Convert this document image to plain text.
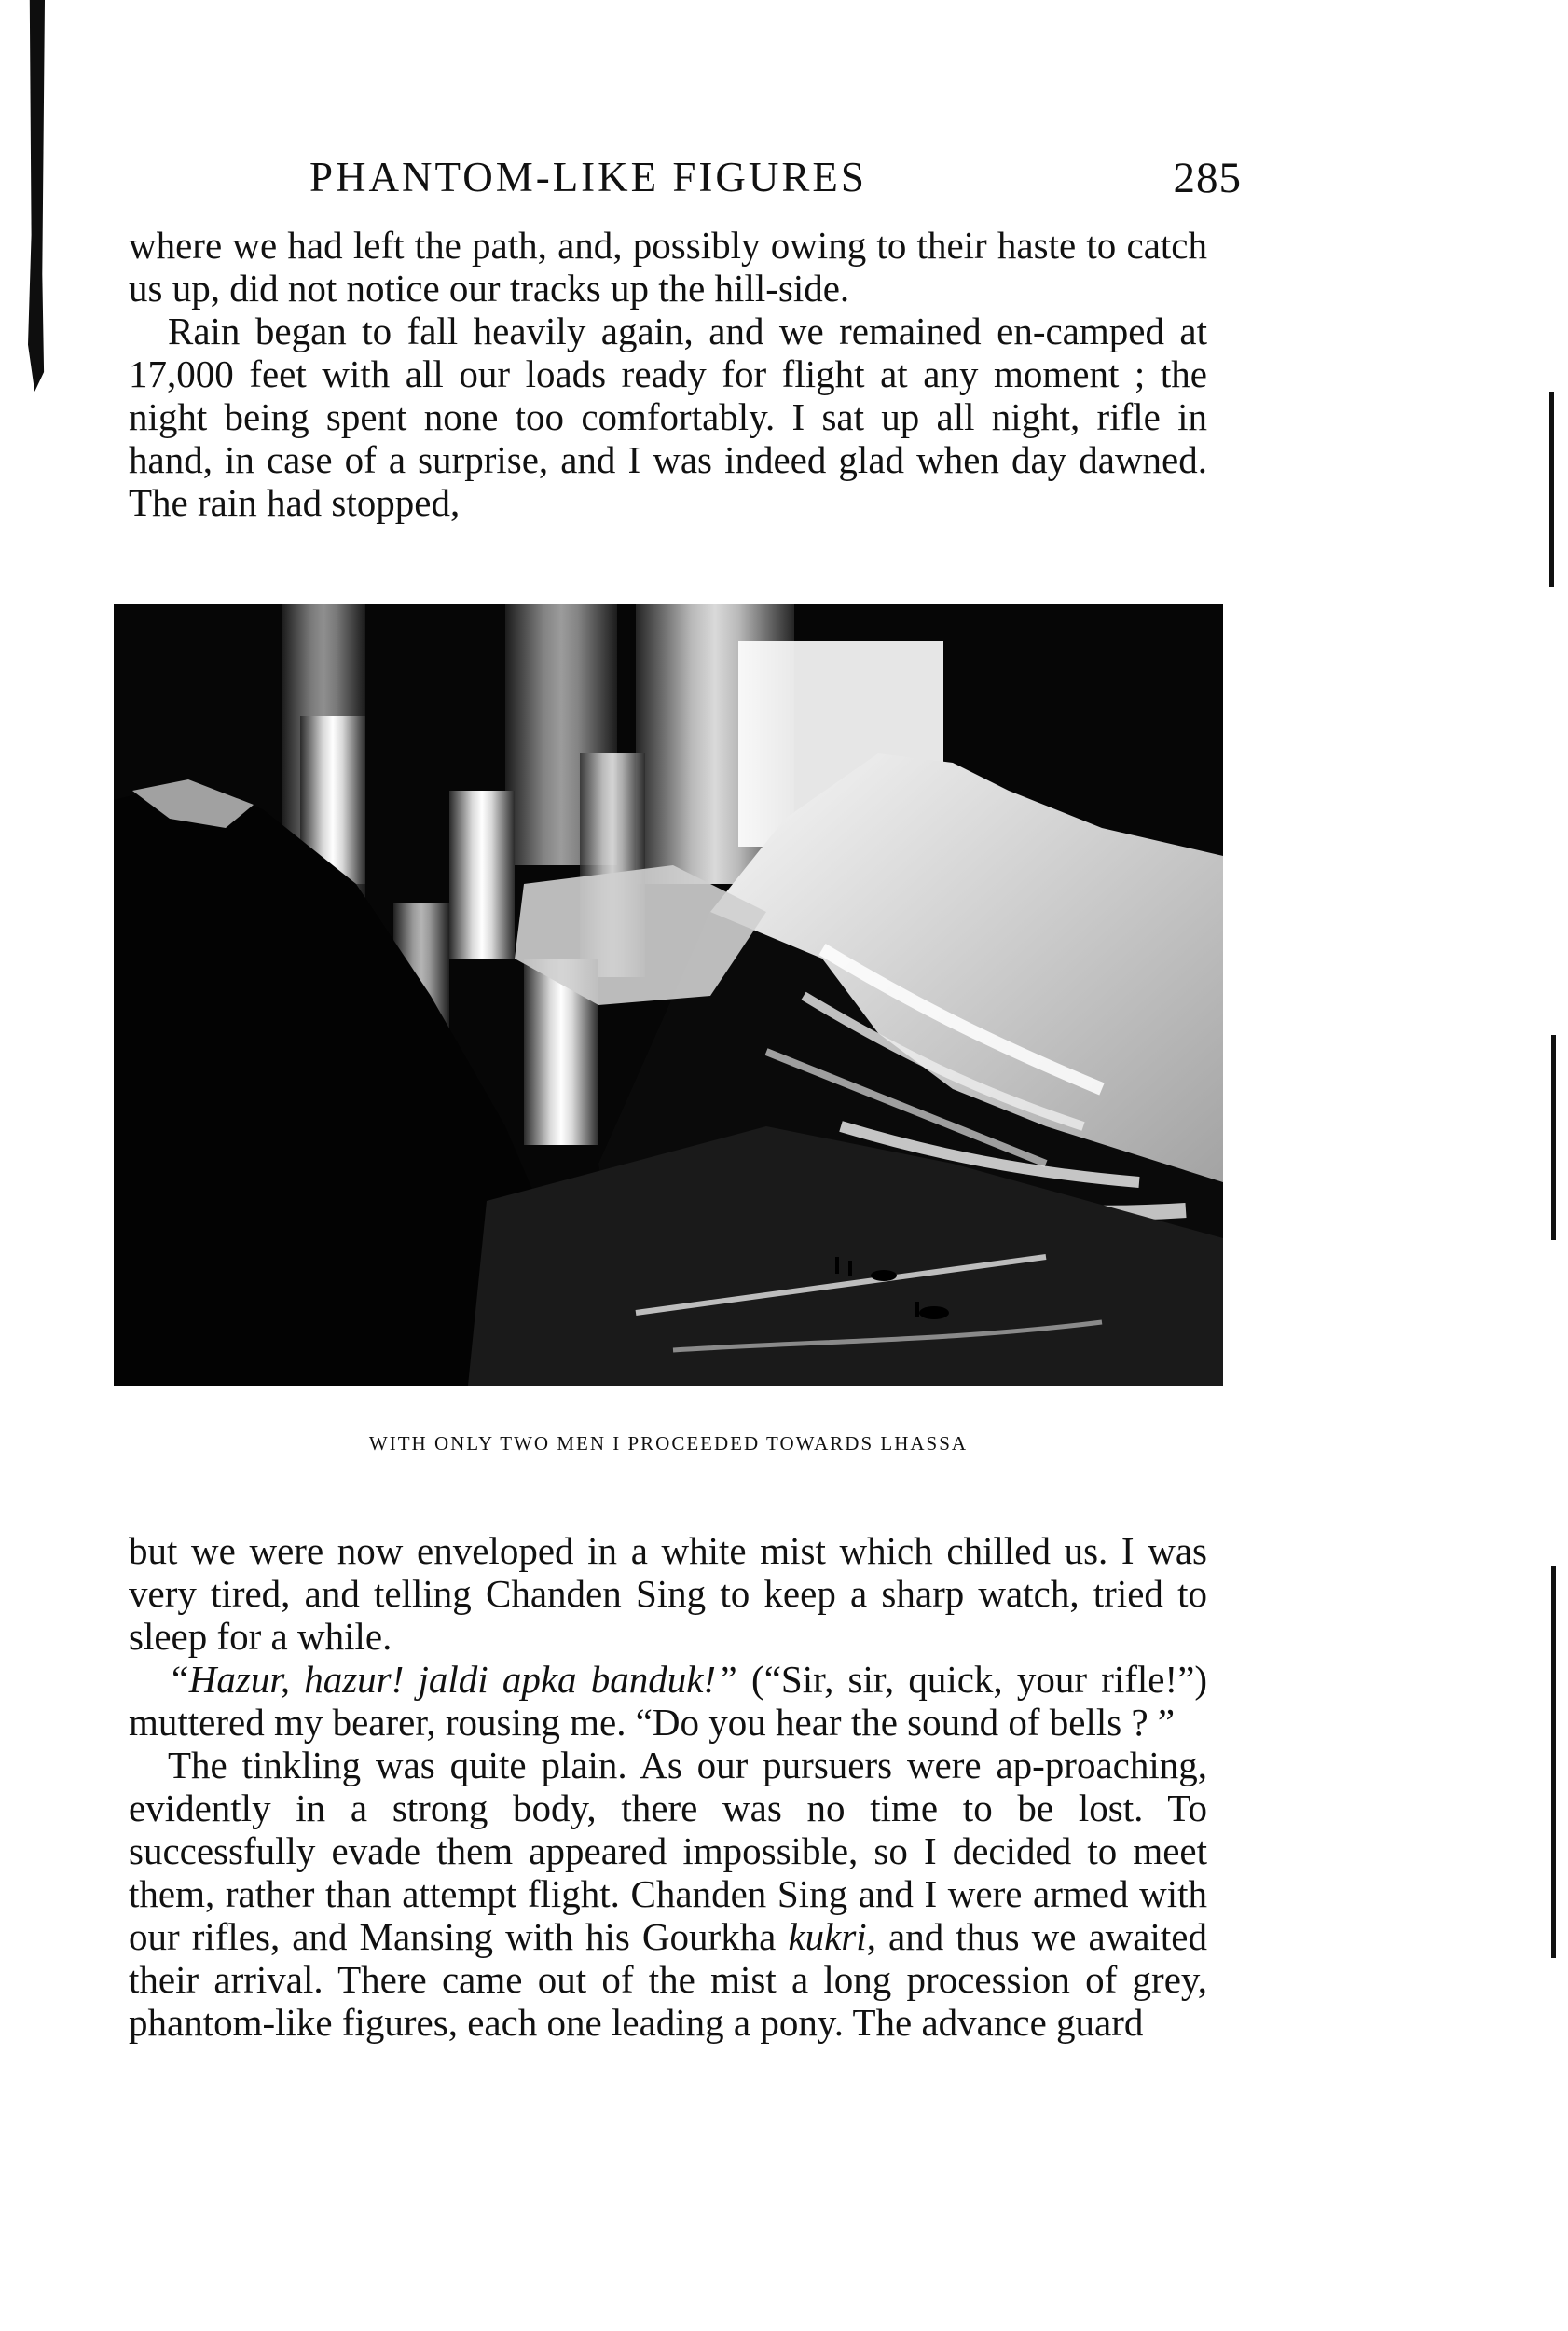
PHANTOM-LIKE FIGURES	285

where we had left the path, and, possibly owing to their haste to catch us up, did not notice our tracks up the hill-side.

Rain began to fall heavily again, and we remained en-camped at 17,000 feet with all our loads ready for flight at any moment ; the night being spent none too comfortably. I sat up all night, rifle in hand, in case of a surprise, and I was indeed glad when day dawned. The rain had stopped,

WITH ONLY TWO MEN I PROCEEDED TOWARDS LHASSA

but we were now enveloped in a white mist which chilled us. I was very tired, and telling Chanden Sing to keep a sharp watch, tried to sleep for a while.

“Hazur, hazur! jaldi apka banduk!” (“Sir, sir, quick, your rifle!”) muttered my bearer, rousing me. “Do you hear the sound of bells ? ”

The tinkling was quite plain. As our pursuers were ap-proaching, evidently in a strong body, there was no time to be lost. To successfully evade them appeared impossible, so I decided to meet them, rather than attempt flight. Chanden Sing and I were armed with our rifles, and Mansing with his Gourkha kukri, and thus we awaited their arrival. There came out of the mist a long procession of grey, phantom-like figures, each one leading a pony. The advance guard
